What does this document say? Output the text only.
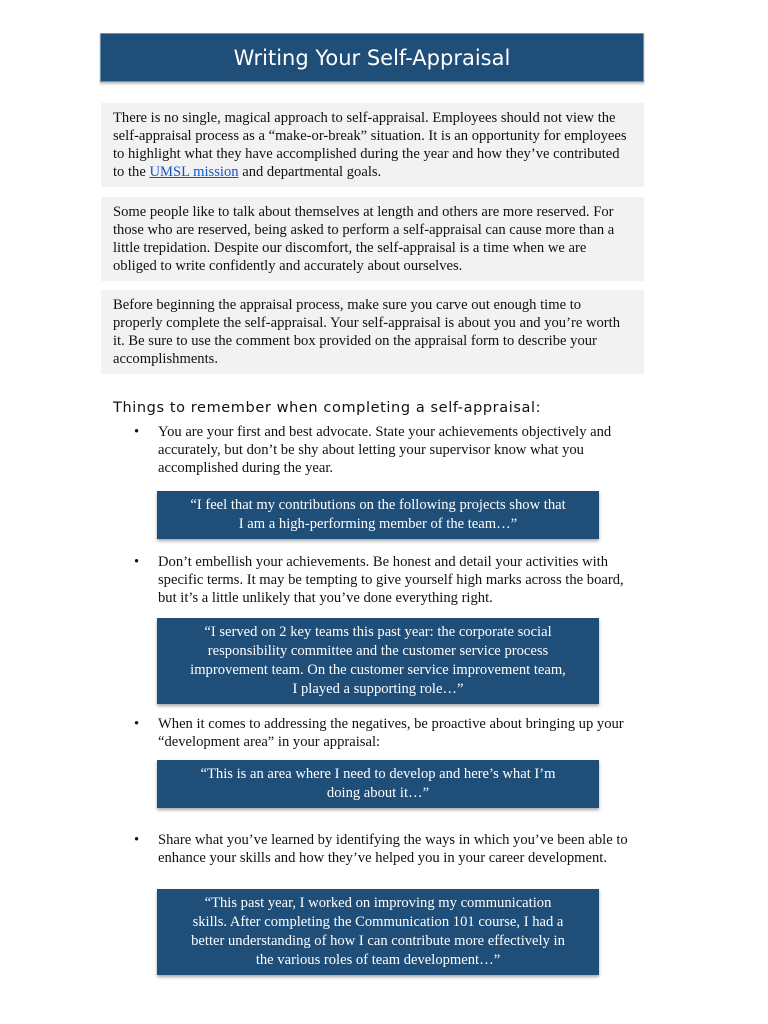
Writing Your Self-Appraisal
There is no single, magical approach to self-appraisal. Employees should not view the self-appraisal process as a “make-or-break” situation. It is an opportunity for employees to highlight what they have accomplished during the year and how they’ve contributed to the UMSL mission and departmental goals.
Some people like to talk about themselves at length and others are more reserved. For those who are reserved, being asked to perform a self-appraisal can cause more than a little trepidation. Despite our discomfort, the self-appraisal is a time when we are obliged to write confidently and accurately about ourselves.
Before beginning the appraisal process, make sure you carve out enough time to properly complete the self-appraisal. Your self-appraisal is about you and you’re worth it. Be sure to use the comment box provided on the appraisal form to describe your accomplishments.
Things to remember when completing a self-appraisal:
• You are your first and best advocate. State your achievements objectively and accurately, but don’t be shy about letting your supervisor know what you accomplished during the year.
“I feel that my contributions on the following projects show that I am a high-performing member of the team…”
• Don’t embellish your achievements. Be honest and detail your activities with specific terms. It may be tempting to give yourself high marks across the board, but it’s a little unlikely that you’ve done everything right.
“I served on 2 key teams this past year: the corporate social responsibility committee and the customer service process improvement team. On the customer service improvement team, I played a supporting role…”
• When it comes to addressing the negatives, be proactive about bringing up your “development area” in your appraisal:
“This is an area where I need to develop and here’s what I’m doing about it…”
• Share what you’ve learned by identifying the ways in which you’ve been able to enhance your skills and how they’ve helped you in your career development.
“This past year, I worked on improving my communication skills. After completing the Communication 101 course, I had a better understanding of how I can contribute more effectively in the various roles of team development…”
